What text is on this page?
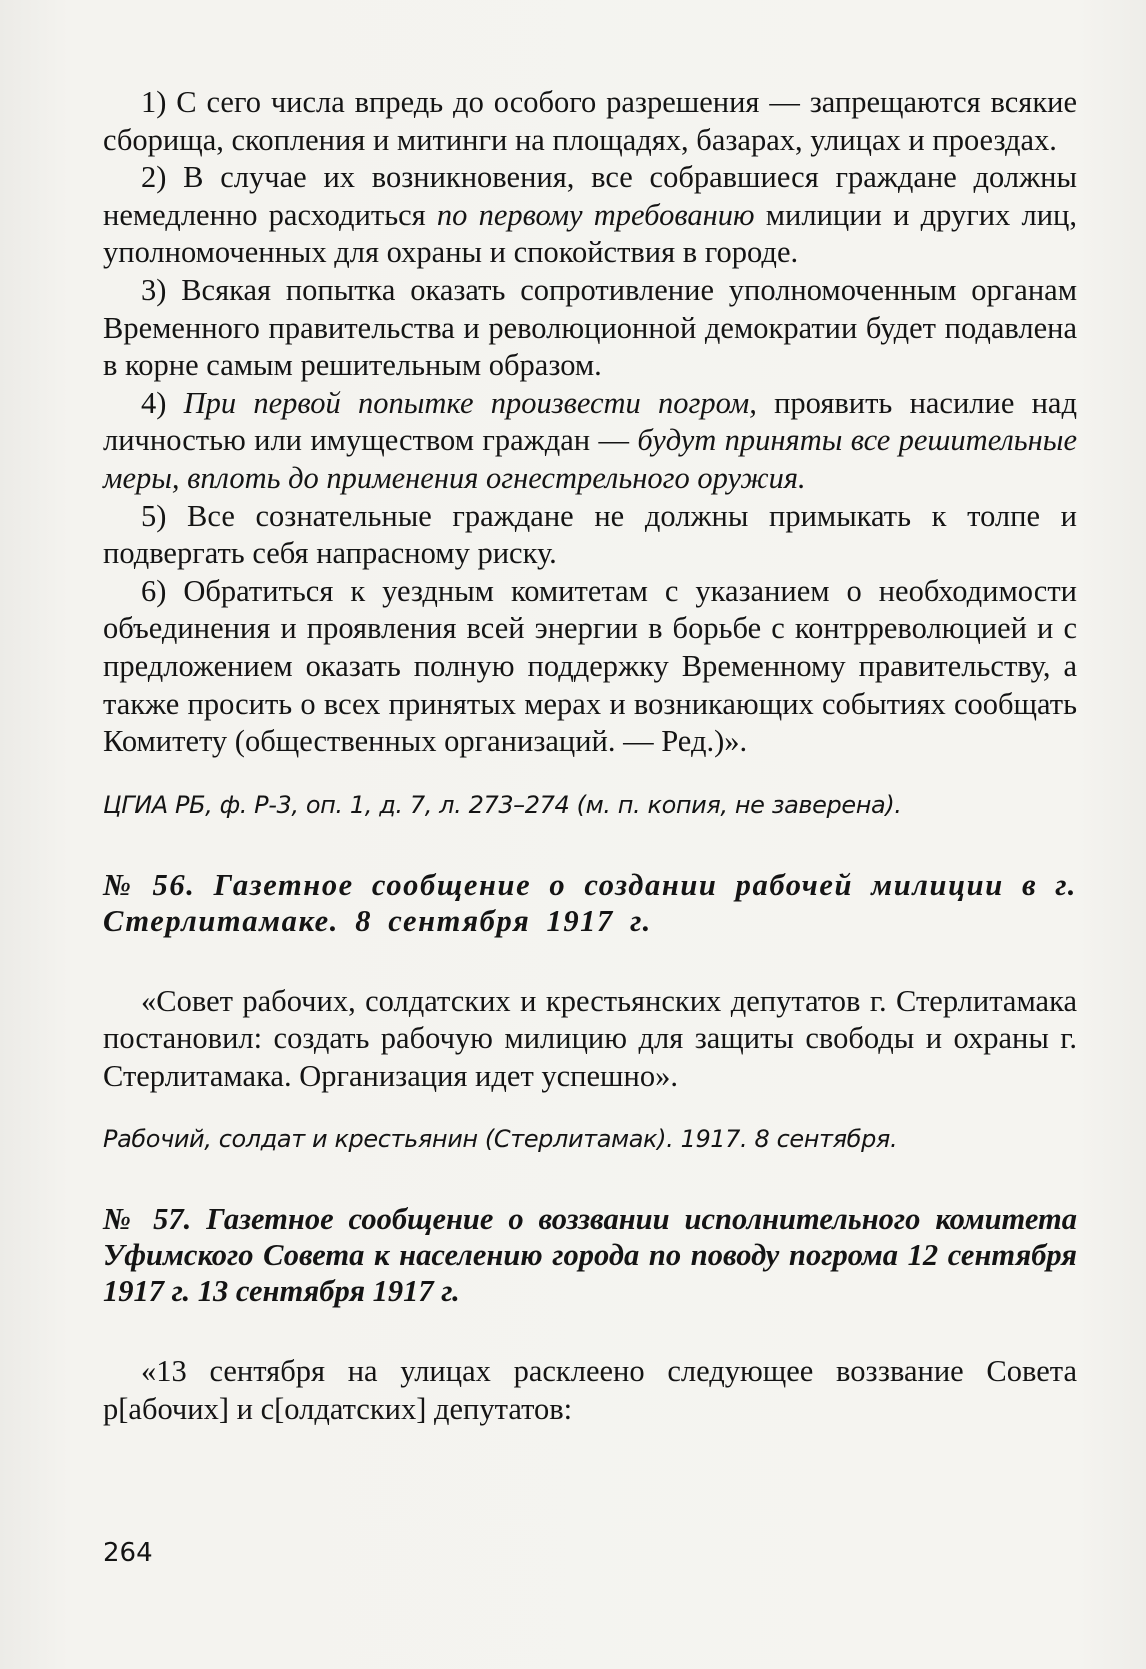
1) С сего числа впредь до особого разрешения — запрещаются всякие сборища, скопления и митинги на площадях, базарах, улицах и проездах.

2) В случае их возникновения, все собравшиеся граждане должны немедленно расходиться по первому требованию милиции и других лиц, уполномоченных для охраны и спокойствия в городе.

3) Всякая попытка оказать сопротивление уполномоченным органам Временного правительства и революционной демократии будет подавлена в корне самым решительным образом.

4) При первой попытке произвести погром, проявить насилие над личностью или имуществом граждан — будут приняты все решительные меры, вплоть до применения огнестрельного оружия.

5) Все сознательные граждане не должны примыкать к толпе и подвергать себя напрасному риску.

6) Обратиться к уездным комитетам с указанием о необходимости объединения и проявления всей энергии в борьбе с контрреволюцией и с предложением оказать полную поддержку Временному правительству, а также просить о всех принятых мерах и возникающих событиях сообщать Комитету (общественных организаций. — Ред.)».

ЦГИА РБ, ф. Р-3, оп. 1, д. 7, л. 273–274 (м. п. копия, не заверена).

№ 56. Газетное сообщение о создании рабочей милиции в г. Стерлитамаке. 8 сентября 1917 г.

«Совет рабочих, солдатских и крестьянских депутатов г. Стерлитамака постановил: создать рабочую милицию для защиты свободы и охраны г. Стерлитамака. Организация идет успешно».

Рабочий, солдат и крестьянин (Стерлитамак). 1917. 8 сентября.

№ 57. Газетное сообщение о воззвании исполнительного комитета Уфимского Совета к населению города по поводу погрома 12 сентября 1917 г. 13 сентября 1917 г.

«13 сентября на улицах расклеено следующее воззвание Совета р[абочих] и с[олдатских] депутатов:

264
